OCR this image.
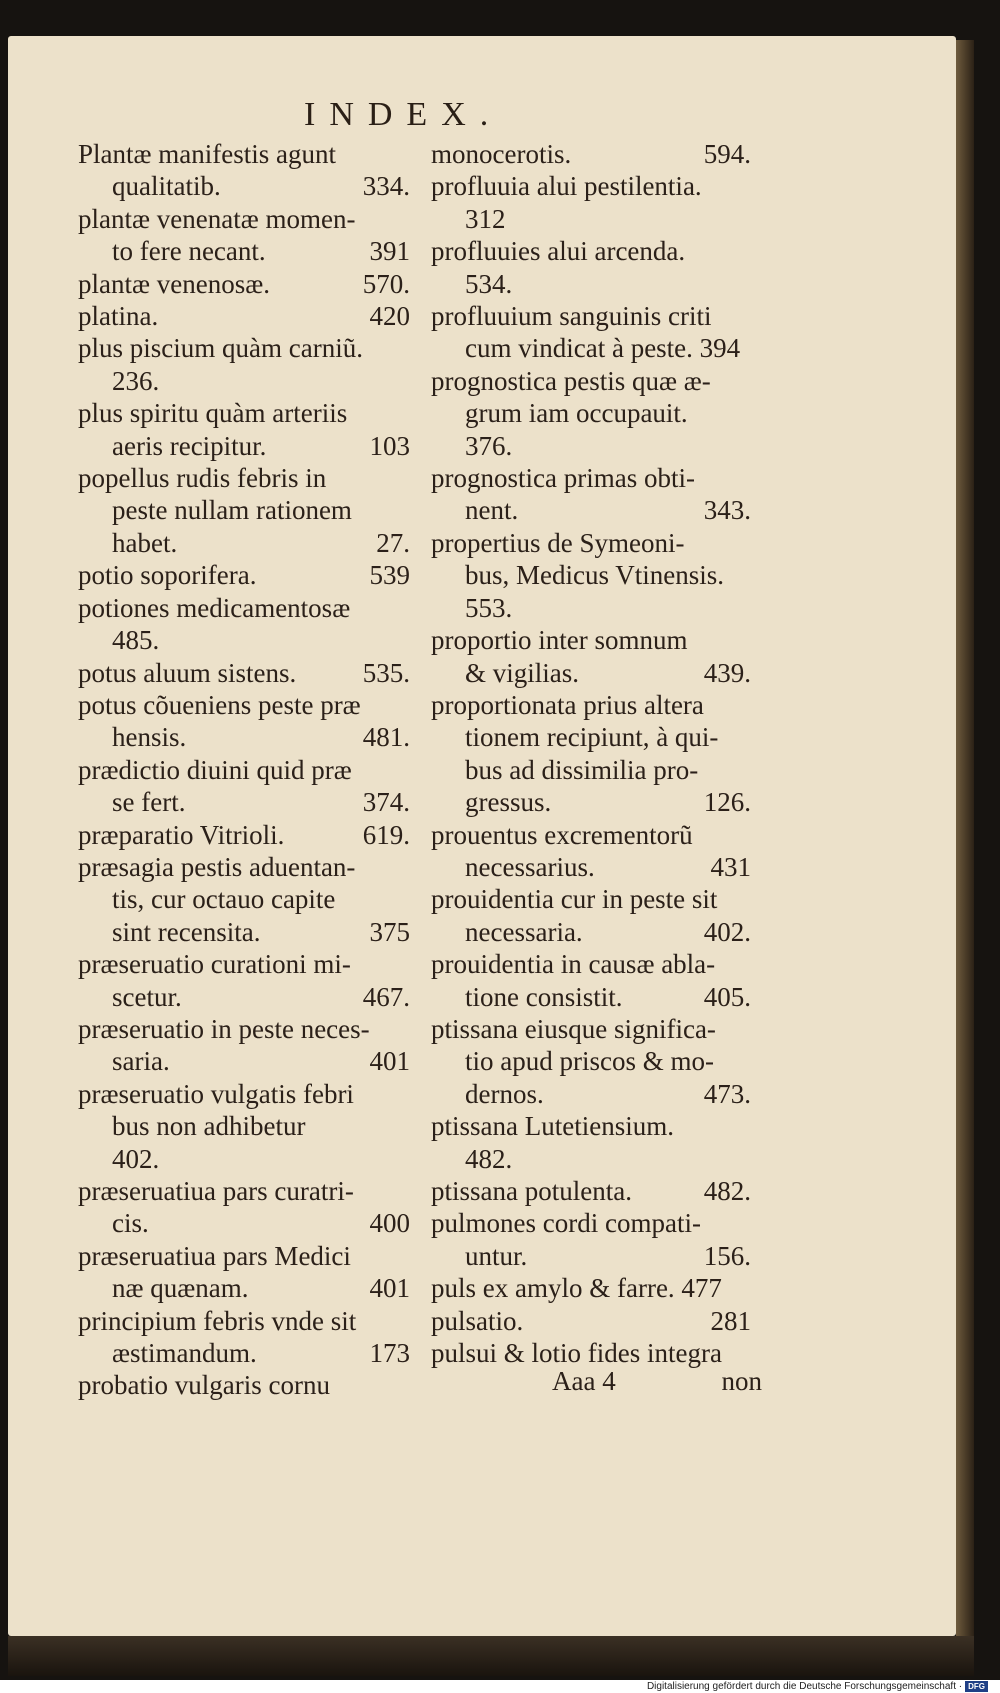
INDEX.
Plantæ manifestis agunt
qualitatib.	334.
plantæ venenatæ momen-
to fere necant.	391
plantæ venenosæ.	570.
platina.	420
plus piscium quàm carniũ.
236.
plus spiritu quàm arteriis
aeris recipitur.	103
popellus rudis febris in
peste nullam rationem
habet.	27.
potio soporifera.	539
potiones medicamentosæ
485.
potus aluum sistens. 535.
potus cõueniens peste præ
hensis.	481.
prædictio diuini quid præ
se fert.	374.
præparatio Vitrioli.	619.
præsagia pestis aduentan-
tis, cur octauo capite
sint recensita.	375
præseruatio curationi mi-
scetur.	467.
præseruatio in peste neces-
saria.	401
præseruatio vulgatis febri
bus non adhibetur
402.
præseruatiua pars curatri-
cis.	400
præseruatiua pars Medici
næ quænam.	401
principium febris vnde sit
æstimandum.	173
probatio vulgaris cornu
monocerotis.	594.
profluuia alui pestilentia.
312
profluuies alui arcenda.
534.
profluuium sanguinis criti
cum vindicat à peste. 394
prognostica pestis quæ æ-
grum iam occupauit.
376.
prognostica primas obti-
nent.	343.
propertius de Symeoni-
bus, Medicus Vtinensis.
553.
proportio inter somnum
& vigilias.	439.
proportionata prius altera
tionem recipiunt, à qui-
bus ad dissimilia pro-
gressus.	126.
prouentus excrementorũ
necessarius.	431
prouidentia cur in peste sit
necessaria.	402.
prouidentia in causæ abla-
tione consistit.	405.
ptissana eiusque significa-
tio apud priscos & mo-
dernos.	473.
ptissana Lutetiensium.
482.
ptissana potulenta.	482.
pulmones cordi compati-
untur.	156.
puls ex amylo & farre. 477
pulsatio.	281
pulsui & lotio fides integra
Aaa 4	non
Digitalisierung gefördert durch die Deutsche Forschungsgemeinschaft · DFG
